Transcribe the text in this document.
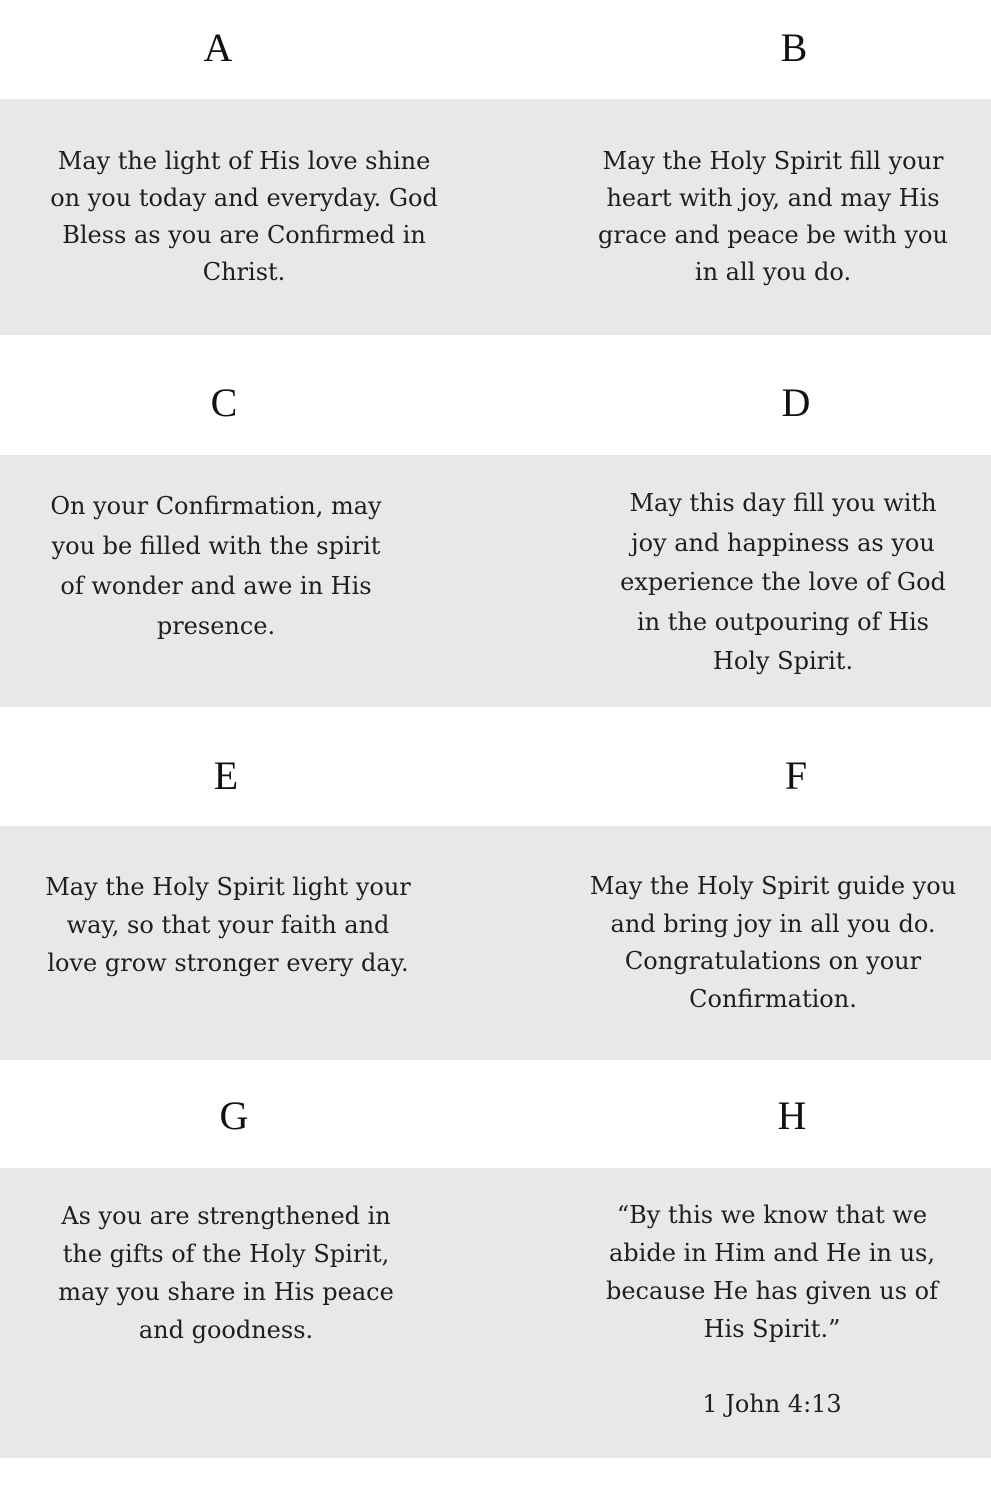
A	B
May the light of His love shine
on you today and everyday. God
Bless as you are Confirmed in
Christ.
May the Holy Spirit fill your
heart with joy, and may His
grace and peace be with you
in all you do.
C	D
On your Confirmation, may
you be filled with the spirit
of wonder and awe in His
presence.
May this day fill you with
joy and happiness as you
experience the love of God
in the outpouring of His
Holy Spirit.
E	F
May the Holy Spirit light your
way, so that your faith and
love grow stronger every day.
May the Holy Spirit guide you
and bring joy in all you do.
Congratulations on your
Confirmation.
G	H
As you are strengthened in
the gifts of the Holy Spirit,
may you share in His peace
and goodness.
“By this we know that we
abide in Him and He in us,
because He has given us of
His Spirit.”
1 John 4:13
